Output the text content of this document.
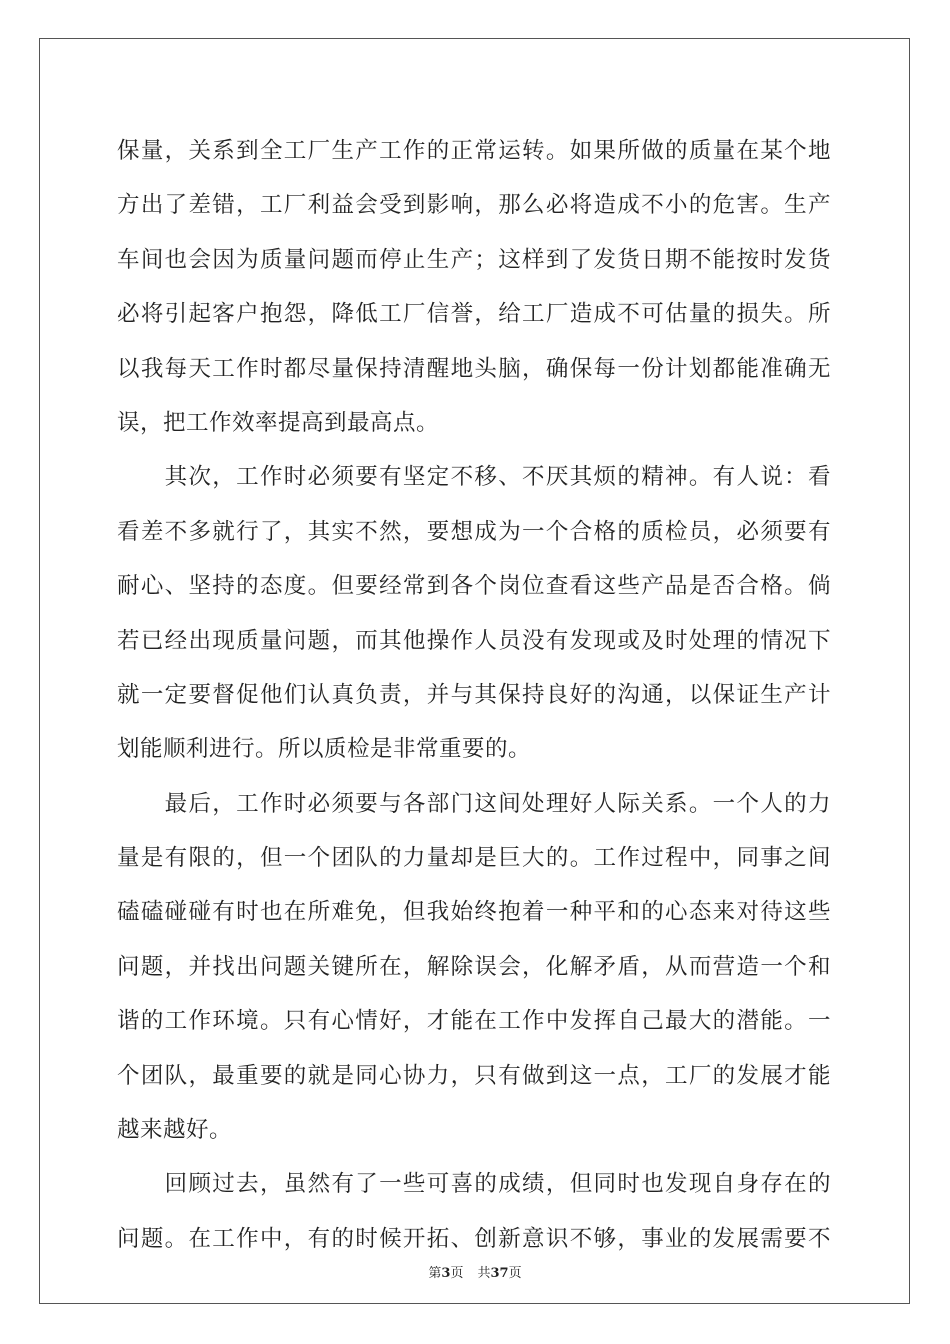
保量，关系到全工厂生产工作的正常运转。如果所做的质量在某个地
方出了差错，工厂利益会受到影响，那么必将造成不小的危害。生产
车间也会因为质量问题而停止生产；这样到了发货日期不能按时发货
必将引起客户抱怨，降低工厂信誉，给工厂造成不可估量的损失。所
以我每天工作时都尽量保持清醒地头脑，确保每一份计划都能准确无
误，把工作效率提高到最高点。
　　其次，工作时必须要有坚定不移、不厌其烦的精神。有人说：看
看差不多就行了，其实不然，要想成为一个合格的质检员，必须要有
耐心、坚持的态度。但要经常到各个岗位查看这些产品是否合格。倘
若已经出现质量问题，而其他操作人员没有发现或及时处理的情况下
就一定要督促他们认真负责，并与其保持良好的沟通，以保证生产计
划能顺利进行。所以质检是非常重要的。
　　最后，工作时必须要与各部门这间处理好人际关系。一个人的力
量是有限的，但一个团队的力量却是巨大的。工作过程中，同事之间
磕磕碰碰有时也在所难免，但我始终抱着一种平和的心态来对待这些
问题，并找出问题关键所在，解除误会，化解矛盾，从而营造一个和
谐的工作环境。只有心情好，才能在工作中发挥自己最大的潜能。一
个团队，最重要的就是同心协力，只有做到这一点，工厂的发展才能
越来越好。
　　回顾过去，虽然有了一些可喜的成绩，但同时也发现自身存在的
问题。在工作中，有的时候开拓、创新意识不够，事业的发展需要不
第3页 共37页
